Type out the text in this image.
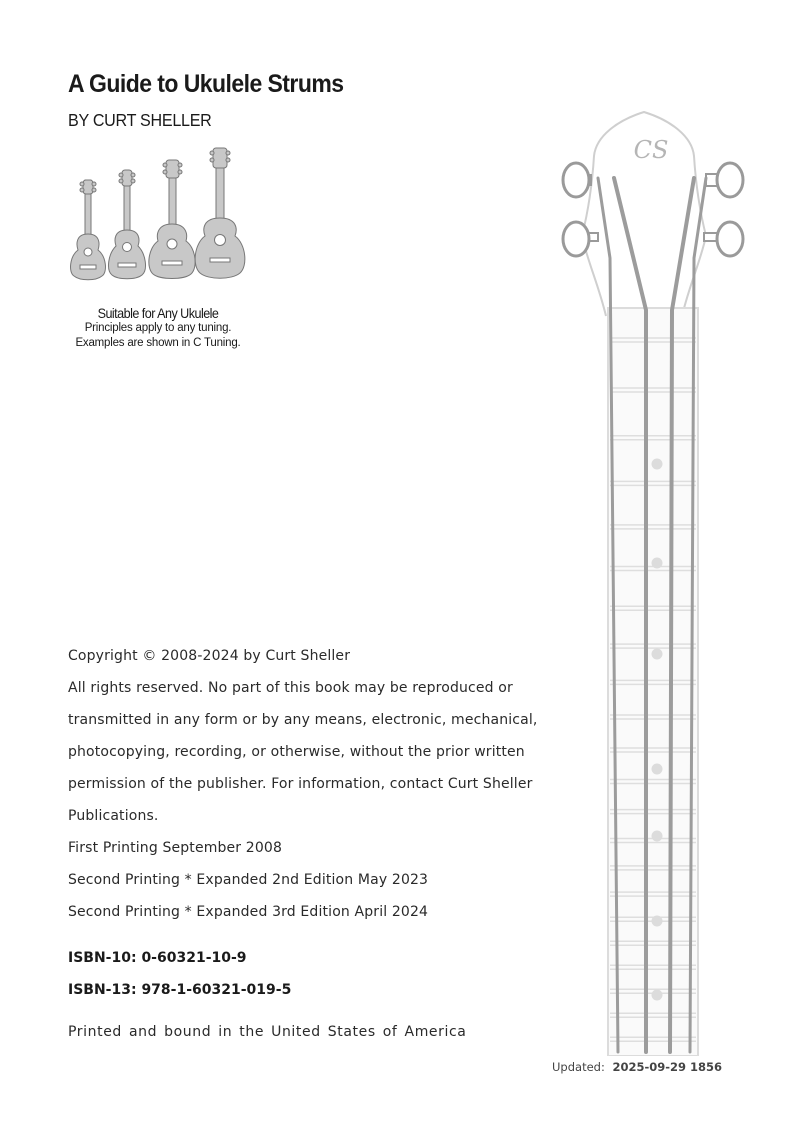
A Guide to Ukulele Strums
BY CURT SHELLER
Suitable for Any Ukulele
Principles apply to any tuning.
Examples are shown in C Tuning.

Copyright © 2008-2024 by Curt Sheller

All rights reserved. No part of this book may be reproduced or

transmitted in any form or by any means, electronic, mechanical,

photocopying, recording, or otherwise, without the prior written

permission of the publisher. For information, contact Curt Sheller

Publications.

First Printing September 2008

Second Printing * Expanded 2nd Edition May 2023

Second Printing * Expanded 3rd Edition April 2024

ISBN-10: 0-60321-10-9

ISBN-13: 978-1-60321-019-5

Printed and bound in the United States of America

CS
Updated: 2025-09-29 1856
